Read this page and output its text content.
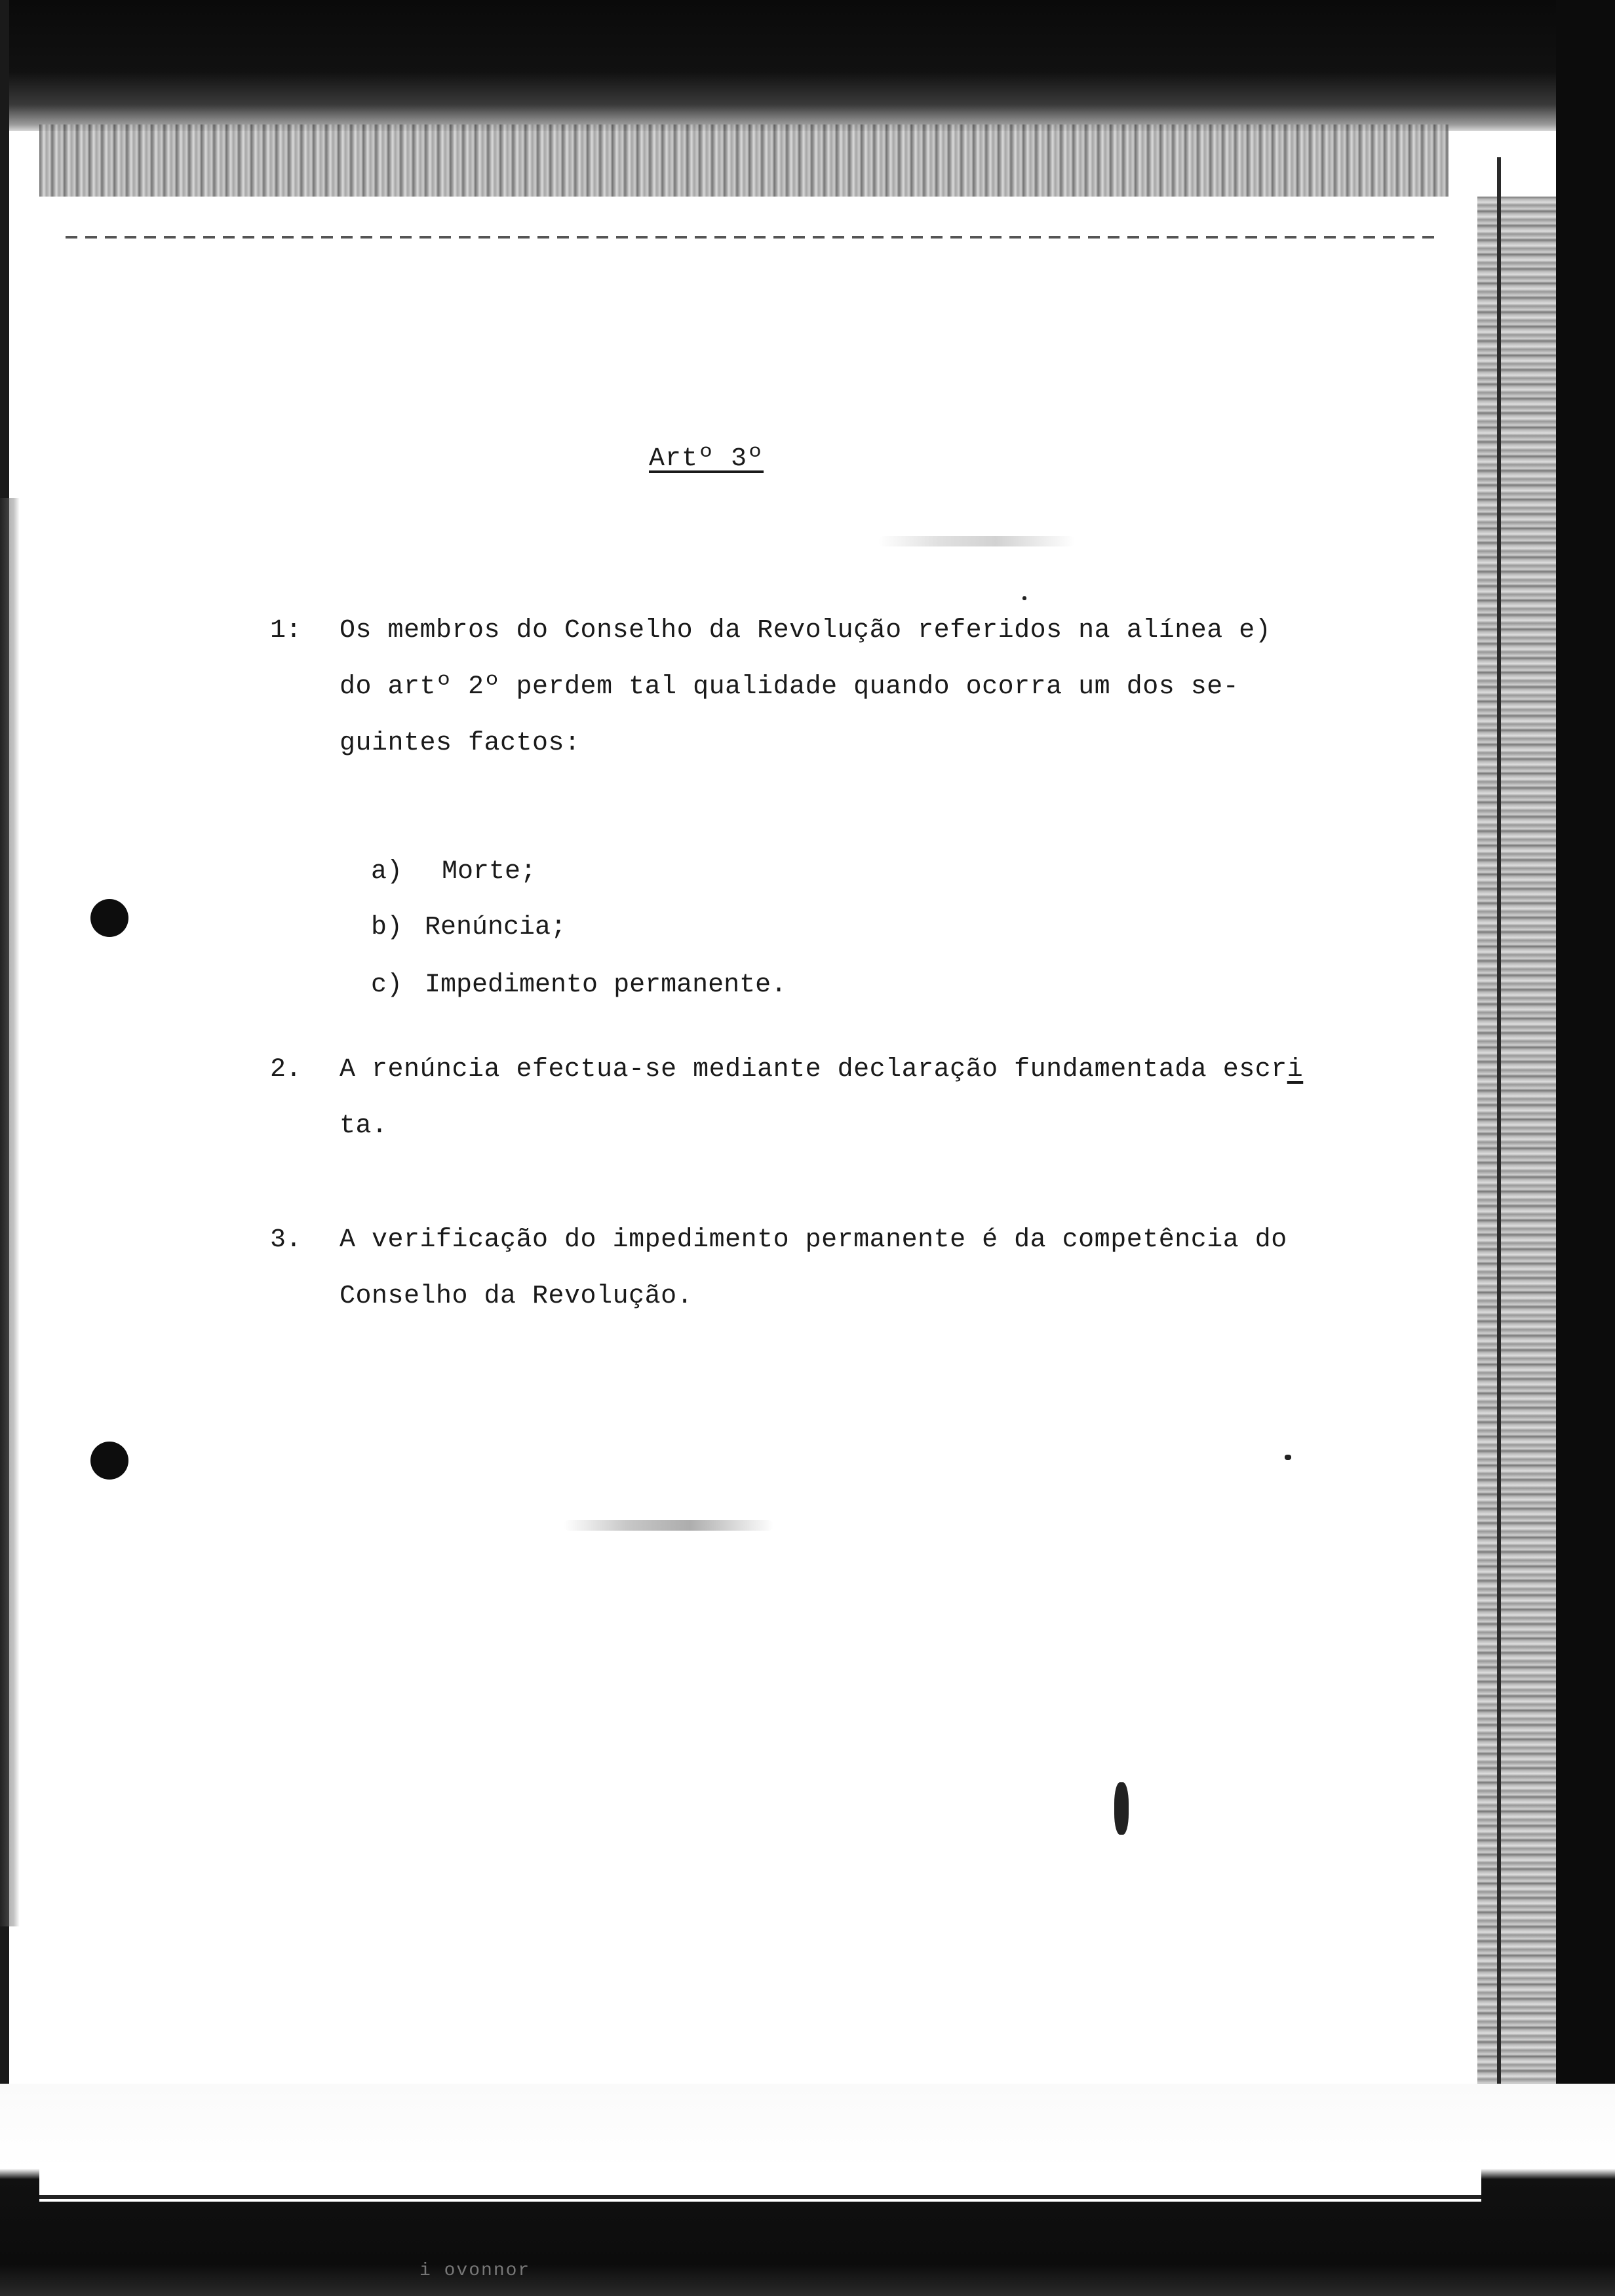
Artº 3º
1: Os membros do Conselho da Revolução referidos na alínea e)
do artº 2º perdem tal qualidade quando ocorra um dos se-
guintes factos:

a) Morte;

b) Renúncia;

c) Impedimento permanente.

2. A renúncia efectua-se mediante declaração fundamentada escri
ta.
3. A verificação do impedimento permanente é da competência do
Conselho da Revolução.
i ovonnor
